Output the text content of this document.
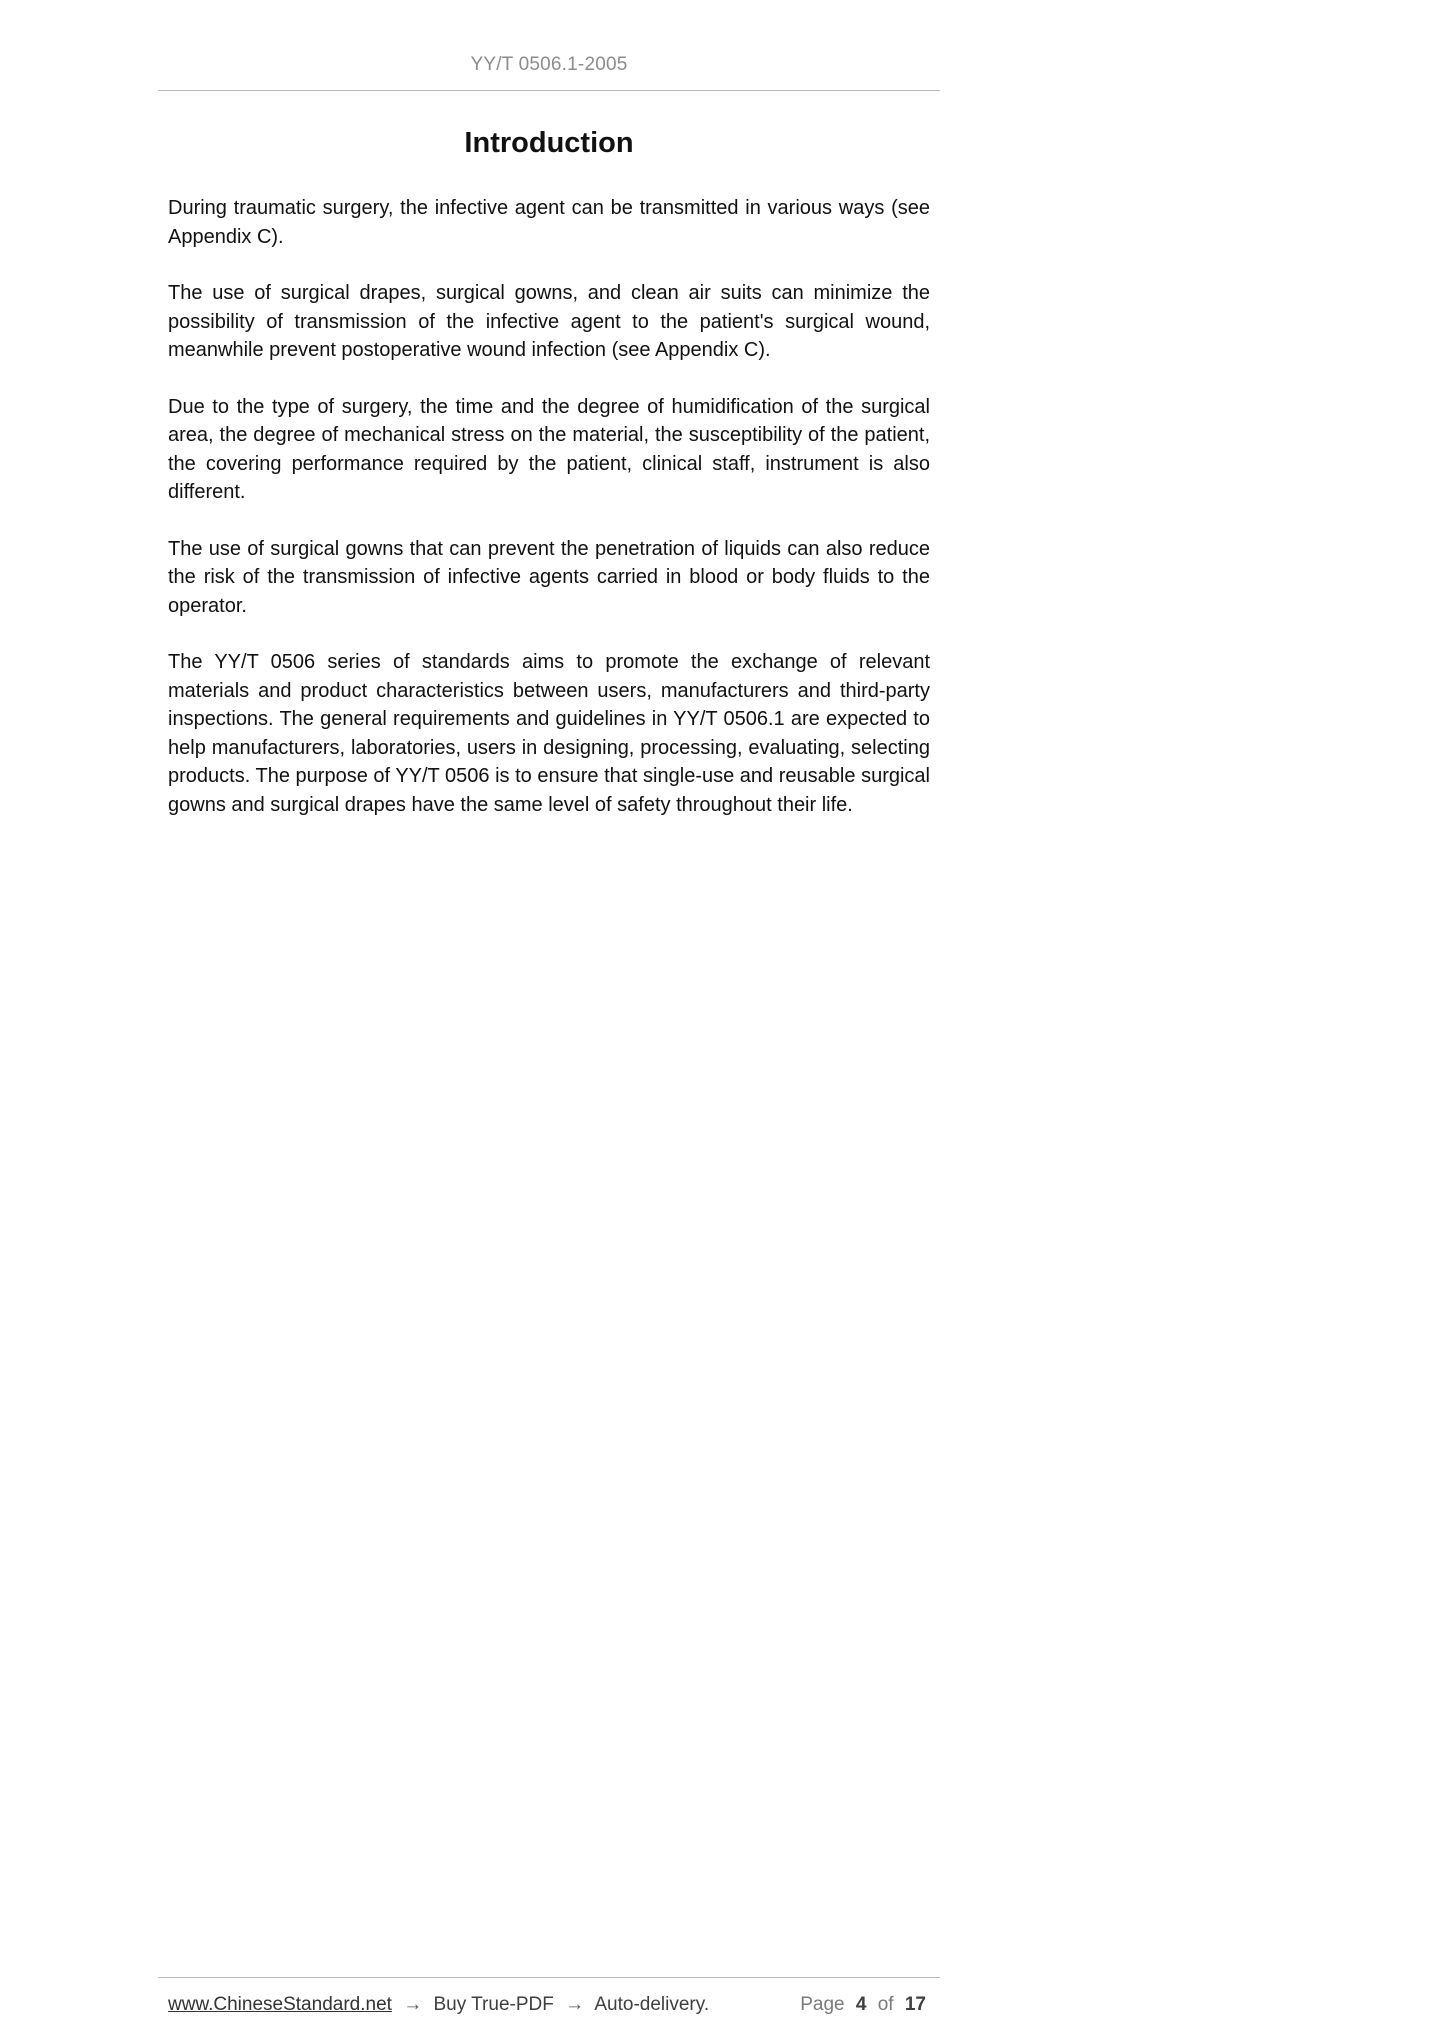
YY/T 0506.1-2005
Introduction

During traumatic surgery, the infective agent can be transmitted in various ways (see Appendix C).

The use of surgical drapes, surgical gowns, and clean air suits can minimize the possibility of transmission of the infective agent to the patient's surgical wound, meanwhile prevent postoperative wound infection (see Appendix C).

Due to the type of surgery, the time and the degree of humidification of the surgical area, the degree of mechanical stress on the material, the susceptibility of the patient, the covering performance required by the patient, clinical staff, instrument is also different.

The use of surgical gowns that can prevent the penetration of liquids can also reduce the risk of the transmission of infective agents carried in blood or body fluids to the operator.

The YY/T 0506 series of standards aims to promote the exchange of relevant materials and product characteristics between users, manufacturers and third-party inspections. The general requirements and guidelines in YY/T 0506.1 are expected to help manufacturers, laboratories, users in designing, processing, evaluating, selecting products. The purpose of YY/T 0506 is to ensure that single-use and reusable surgical gowns and surgical drapes have the same level of safety throughout their life.

www.ChineseStandard.net → Buy True-PDF → Auto-delivery.	Page 4 of 17
